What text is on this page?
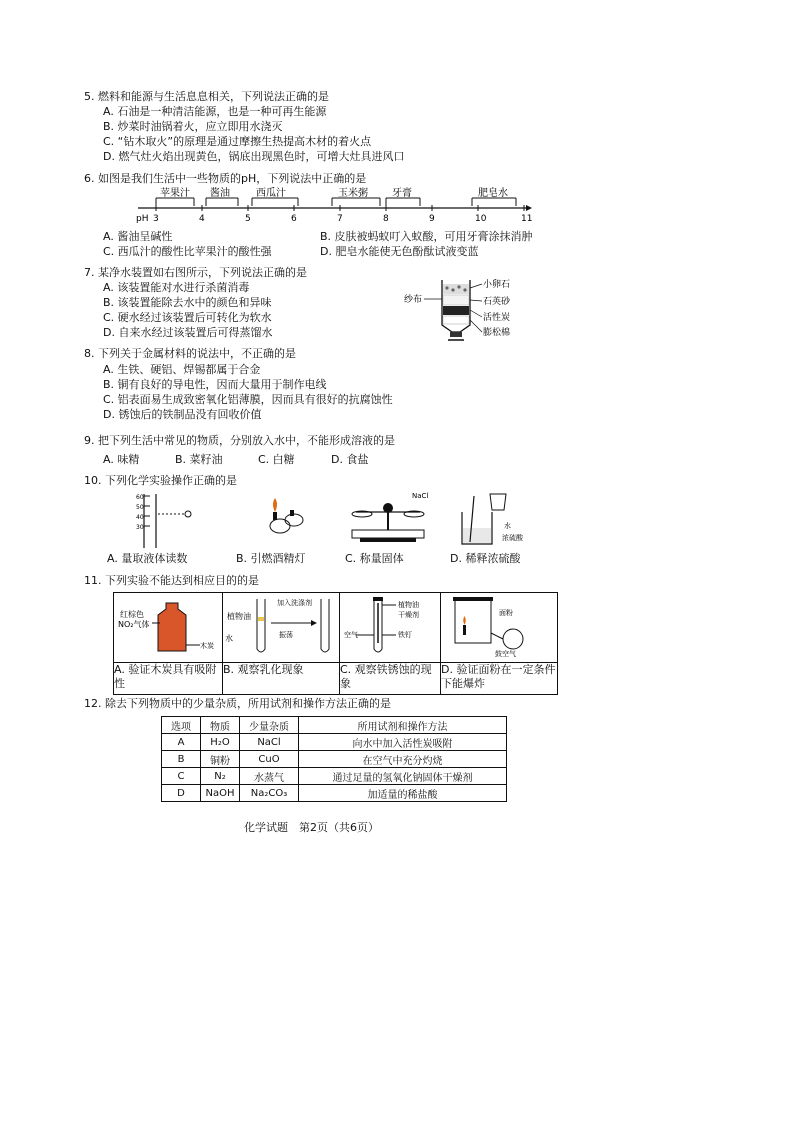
5. 燃料和能源与生活息息相关，下列说法正确的是
A. 石油是一种清洁能源，也是一种可再生能源
B. 炒菜时油锅着火，应立即用水浇灭
C. “钻木取火”的原理是通过摩擦生热提高木材的着火点
D. 燃气灶火焰出现黄色，锅底出现黑色时，可增大灶具进风口
6. 如图是我们生活中一些物质的pH，下列说法中正确的是
苹果汁 酱油	西瓜汁	玉米粥 牙膏	肥皂水
pH 3	4	5	6	7	8	9	10	11
A. 酱油呈碱性	B. 皮肤被蚂蚁叮入蚁酸，可用牙膏涂抹消肿
C. 西瓜汁的酸性比苹果汁的酸性强	D. 肥皂水能使无色酚酞试液变蓝
7. 某净水装置如右图所示，下列说法正确的是
A. 该装置能对水进行杀菌消毒
B. 该装置能除去水中的颜色和异味
C. 硬水经过该装置后可转化为软水
D. 自来水经过该装置后可得蒸馏水
纱布
小卵石
石英砂
活性炭
膨松棉
8. 下列关于金属材料的说法中，不正确的是
A. 生铁、硬铝、焊锡都属于合金
B. 铜有良好的导电性，因而大量用于制作电线
C. 铝表面易生成致密氧化铝薄膜，因而具有很好的抗腐蚀性
D. 锈蚀后的铁制品没有回收价值
9. 把下列生活中常见的物质，分别放入水中，不能形成溶液的是
A. 味精	B. 菜籽油	C. 白糖	D. 食盐
10. 下列化学实验操作正确的是
60
50
40
30
NaCl
水
浓硫酸
A. 量取液体读数	B. 引燃酒精灯	C. 称量固体	D. 稀释浓硫酸
11. 下列实验不能达到相应目的的是
红棕色
NO₂气体
木炭	植物油
水
加入洗涤剂
振荡	植物油
干燥剂
铁钉
空气	面粉
鼓空气

A. 验证木炭具有吸附性	B. 观察乳化现象	C. 观察铁锈蚀的现象	D. 验证面粉在一定条件下能爆炸
12. 除去下列物质中的少量杂质，所用试剂和操作方法正确的是
选项	物质	少量杂质	所用试剂和操作方法
A	H₂O	NaCl	向水中加入活性炭吸附
B	铜粉	CuO	在空气中充分灼烧
C	N₂	水蒸气	通过足量的氢氧化钠固体干燥剂
D	NaOH	Na₂CO₃	加适量的稀盐酸
化学试题　第2页（共6页）
